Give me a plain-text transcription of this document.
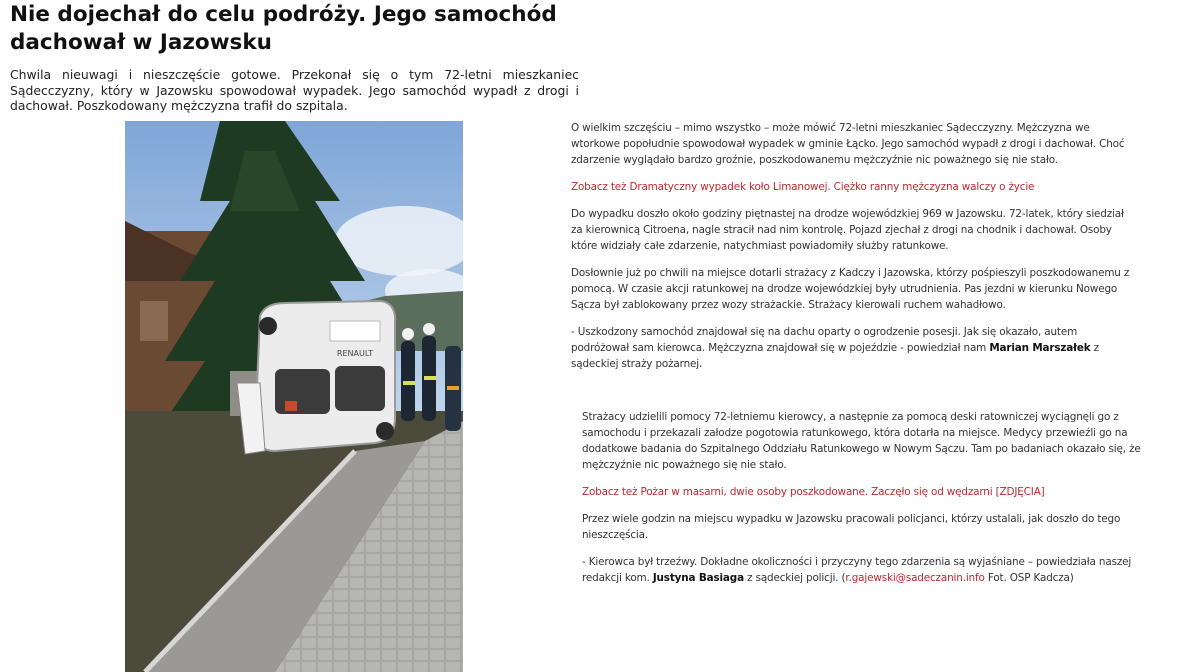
Nie dojechał do celu podróży. Jego samochód dachował w Jazowsku

Chwila nieuwagi i nieszczęście gotowe. Przekonał się o tym 72-letni mieszkaniec Sądecczyzny, który w Jazowsku spowodował wypadek. Jego samochód wypadł z drogi i dachował. Poszkodowany mężczyzna trafił do szpitala.

RENAULT

O wielkim szczęściu – mimo wszystko – może mówić 72-letni mieszkaniec Sądecczyzny. Mężczyzna we wtorkowe popołudnie spowodował wypadek w gminie Łącko. Jego samochód wypadł z drogi i dachował. Choć zdarzenie wyglądało bardzo groźnie, poszkodowanemu mężczyźnie nic poważnego się nie stało.

Zobacz też Dramatyczny wypadek koło Limanowej. Ciężko ranny mężczyzna walczy o życie

Do wypadku doszło około godziny piętnastej na drodze wojewódzkiej 969 w Jazowsku. 72-latek, który siedział za kierownicą Citroena, nagle stracił nad nim kontrolę. Pojazd zjechał z drogi na chodnik i dachował. Osoby które widziały całe zdarzenie, natychmiast powiadomiły służby ratunkowe.

Dosłownie już po chwili na miejsce dotarli strażacy z Kadczy i Jazowska, którzy pośpieszyli poszkodowanemu z pomocą. W czasie akcji ratunkowej na drodze wojewódzkiej były utrudnienia. Pas jezdni w kierunku Nowego Sącza był zablokowany przez wozy strażackie. Strażacy kierowali ruchem wahadłowo.

- Uszkodzony samochód znajdował się na dachu oparty o ogrodzenie posesji. Jak się okazało, autem podróżował sam kierowca. Mężczyzna znajdował się w pojeździe - powiedział nam Marian Marszałek z sądeckiej straży pożarnej.

Strażacy udzielili pomocy 72-letniemu kierowcy, a następnie za pomocą deski ratowniczej wyciągnęli go z samochodu i przekazali załodze pogotowia ratunkowego, która dotarła na miejsce. Medycy przewieźli go na dodatkowe badania do Szpitalnego Oddziału Ratunkowego w Nowym Sączu. Tam po badaniach okazało się, że mężczyźnie nic poważnego się nie stało.

Zobacz też Pożar w masarni, dwie osoby poszkodowane. Zaczęło się od wędzarni [ZDJĘCIA]

Przez wiele godzin na miejscu wypadku w Jazowsku pracowali policjanci, którzy ustalali, jak doszło do tego nieszczęścia.

- Kierowca był trzeźwy. Dokładne okoliczności i przyczyny tego zdarzenia są wyjaśniane – powiedziała naszej redakcji kom. Justyna Basiaga z sądeckiej policji. (r.gajewski@sadeczanin.info Fot. OSP Kadcza)
